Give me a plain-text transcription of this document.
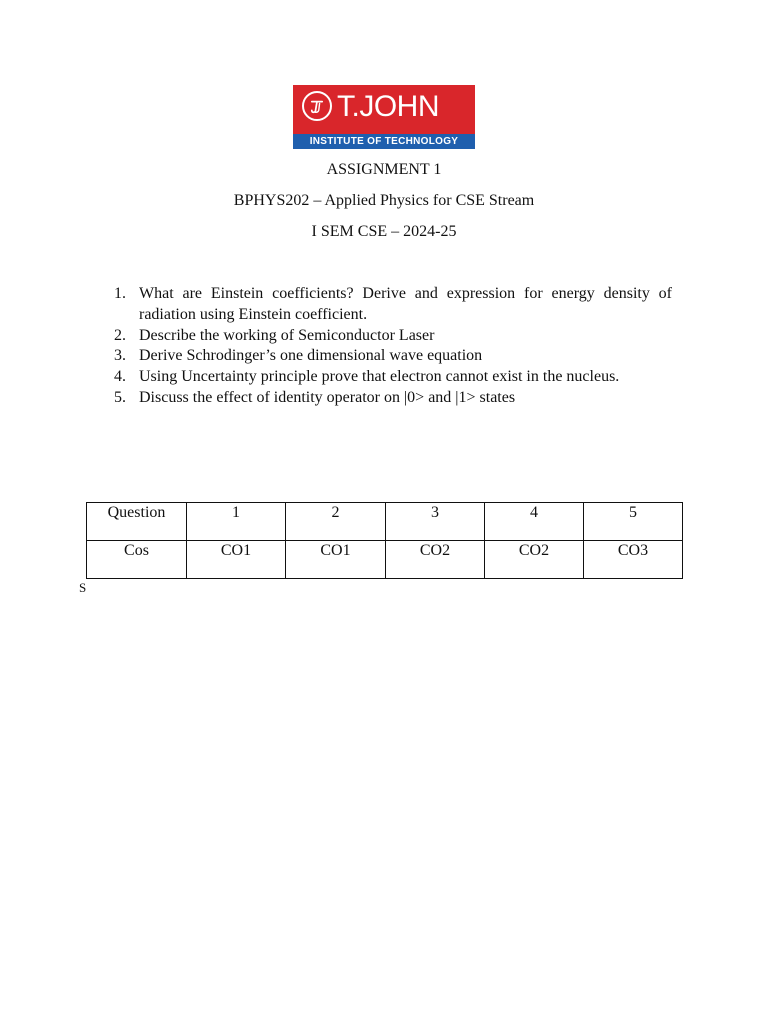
T.JOHN
INSTITUTE OF TECHNOLOGY
ASSIGNMENT 1
BPHYS202 – Applied Physics for CSE Stream
I SEM CSE – 2024-25
1. What are Einstein coefficients? Derive and expression for energy density of radiation using Einstein coefficient.
2. Describe the working of Semiconductor Laser
3. Derive Schrodinger’s one dimensional wave equation
4. Using Uncertainty principle prove that electron cannot exist in the nucleus.
5. Discuss the effect of identity operator on |0> and |1> states
Question	1	2	3	4	5

Cos	CO1	CO1	CO2	CO2	CO3
S
